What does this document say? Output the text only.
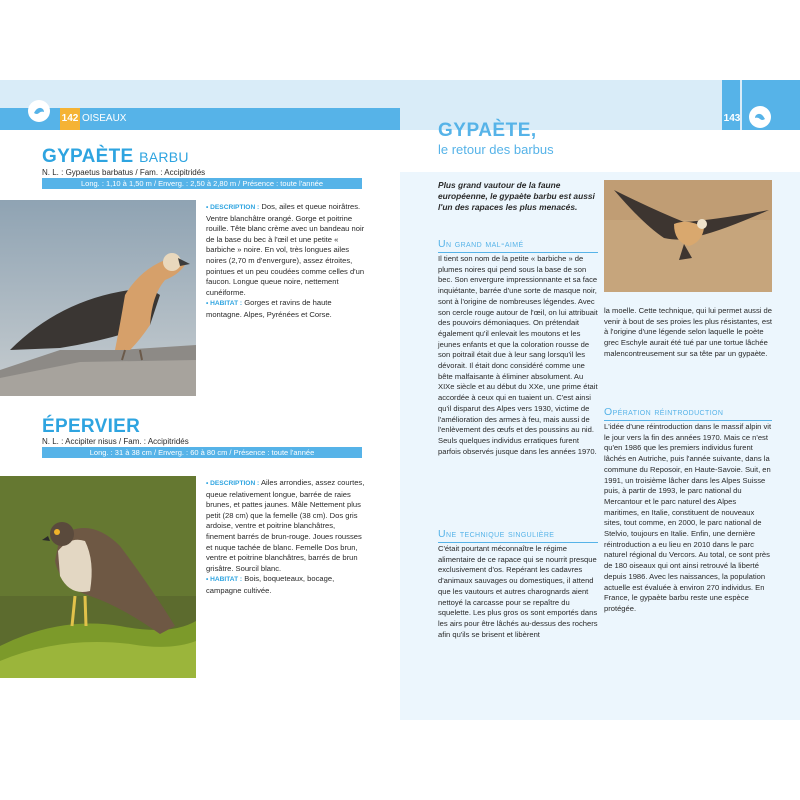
142 OISEAUX
GYPAÈTE BARBU
N. L. : Gypaetus barbatus / Fam. : Accipitridés
Long. : 1,10 à 1,50 m / Enverg. : 2,50 à 2,80 m / Présence : toute l'année

• DESCRIPTION : Dos, ailes et queue noirâtres. Ventre blanchâtre orangé. Gorge et poitrine rouille. Tête blanc crème avec un bandeau noir de la base du bec à l'œil et une petite « barbiche » noire. En vol, très longues ailes noires (2,70 m d'envergure), assez étroites, pointues et un peu coudées comme celles d'un faucon. Longue queue noire, nettement cunéiforme.

• HABITAT : Gorges et ravins de haute montagne. Alpes, Pyrénées et Corse.

ÉPERVIER
N. L. : Accipiter nisus / Fam. : Accipitridés
Long. : 31 à 38 cm / Enverg. : 60 à 80 cm / Présence : toute l'année

• DESCRIPTION : Ailes arrondies, assez courtes, queue relativement longue, barrée de raies brunes, et pattes jaunes. Mâle Nettement plus petit (28 cm) que la femelle (38 cm). Dos gris ardoise, ventre et poitrine blanchâtres, finement barrés de brun-rouge. Joues rousses et nuque tachée de blanc. Femelle Dos brun, ventre et poitrine blanchâtres, barrés de brun grisâtre. Sourcil blanc.

• HABITAT : Bois, boqueteaux, bocage, campagne cultivée.

143
GYPAÈTE,
le retour des barbus
Plus grand vautour de la faune européenne, le gypaète barbu est aussi l'un des rapaces les plus menacés.
Un grand mal-aimé
Il tient son nom de la petite « barbiche » de plumes noires qui pend sous la base de son bec. Son envergure impressionnante et sa face inquiétante, barrée d'une sorte de masque noir, sont à l'origine de nombreuses légendes. Avec son cercle rouge autour de l'œil, on lui attribuait des pouvoirs démoniaques. On prétendait également qu'il enlevait les moutons et les jeunes enfants et que la coloration rousse de son poitrail était due à leur sang lorsqu'il les dévorait. Il était donc considéré comme une bête malfaisante à éliminer absolument. Au XIXe siècle et au début du XXe, une prime était accordée à ceux qui en tuaient un. C'est ainsi qu'il disparut des Alpes vers 1930, victime de l'amélioration des armes à feu, mais aussi de l'enlèvement des œufs et des poussins au nid. Seuls quelques individus erratiques furent parfois observés jusque dans les années 1970.
Une technique singulière
C'était pourtant méconnaître le régime alimentaire de ce rapace qui se nourrit presque exclusivement d'os. Repérant les cadavres d'animaux sauvages ou domestiques, il attend que les vautours et autres charognards aient nettoyé la carcasse pour se repaître du squelette. Les plus gros os sont emportés dans les airs pour être lâchés au-dessus des rochers afin qu'ils se brisent et libèrent
la moelle. Cette technique, qui lui permet aussi de venir à bout de ses proies les plus résistantes, est à l'origine d'une légende selon laquelle le poète grec Eschyle aurait été tué par une tortue lâchée malencontreusement sur sa tête par un gypaète.
Opération réintroduction
L'idée d'une réintroduction dans le massif alpin vit le jour vers la fin des années 1970. Mais ce n'est qu'en 1986 que les premiers individus furent lâchés en Autriche, puis l'année suivante, dans la commune du Reposoir, en Haute-Savoie. Suit, en 1991, un troisième lâcher dans les Alpes Suisse puis, à partir de 1993, le parc national du Mercantour et le parc naturel des Alpes maritimes, en Italie, constituent de nouveaux sites, tout comme, en 2000, le parc national de Stelvio, toujours en Italie. Enfin, une dernière réintroduction a eu lieu en 2010 dans le parc naturel régional du Vercors. Au total, ce sont près de 180 oiseaux qui ont ainsi retrouvé la liberté depuis 1986. Avec les naissances, la population actuelle est évaluée à environ 270 individus. En France, le gypaète barbu reste une espèce protégée.
